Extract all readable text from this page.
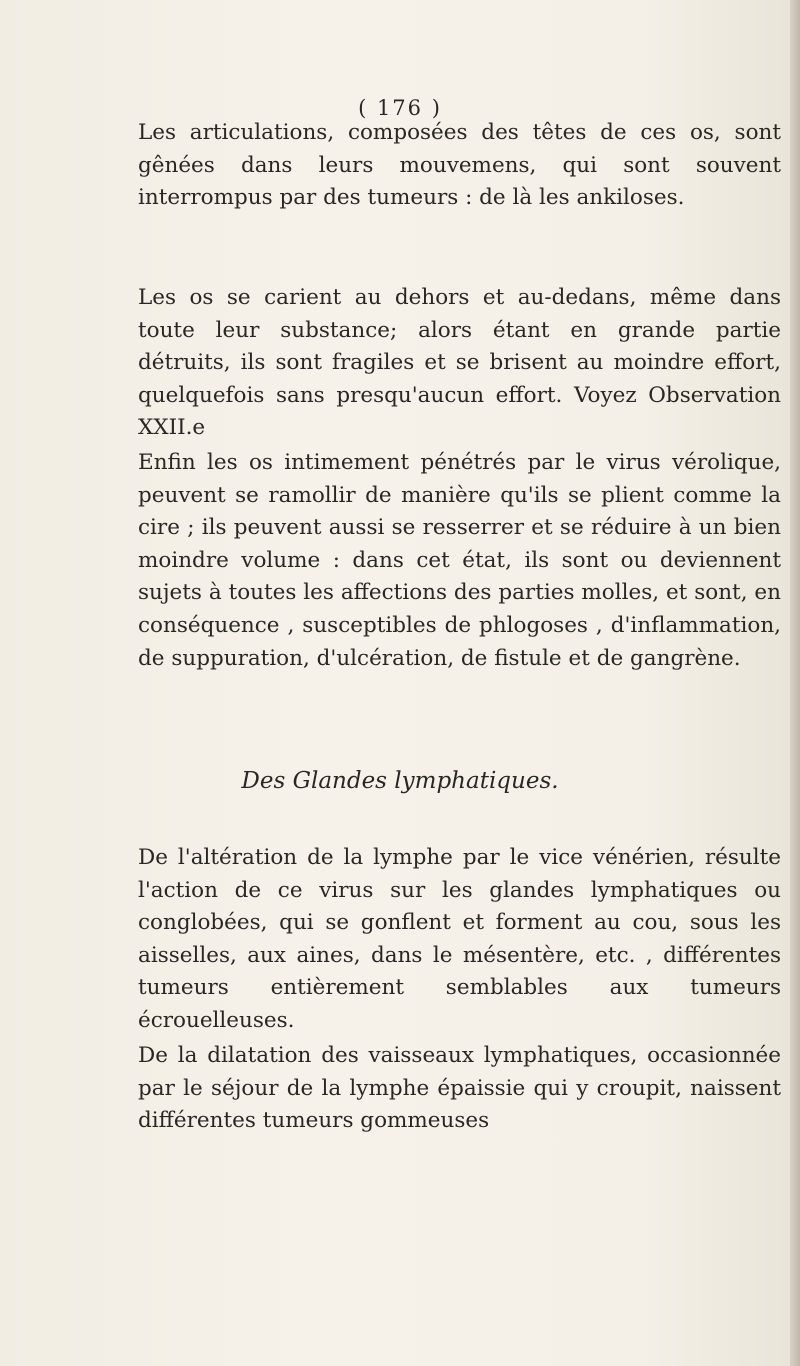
( 176 )

Les articulations, composées des têtes de ces os, sont gênées dans leurs mouvemens, qui sont souvent interrompus par des tumeurs : de là les ankiloses.

Les os se carient au dehors et au-dedans, même dans toute leur substance; alors étant en grande partie détruits, ils sont fragiles et se brisent au moindre effort, quelquefois sans presqu'aucun effort. Voyez Observation XXII.e

Enfin les os intimement pénétrés par le virus vérolique, peuvent se ramollir de manière qu'ils se plient comme la cire ; ils peuvent aussi se resserrer et se réduire à un bien moindre volume : dans cet état, ils sont ou deviennent sujets à toutes les affections des parties molles, et sont, en conséquence , susceptibles de phlogoses , d'inflammation, de suppuration, d'ulcération, de fistule et de gangrène.

Des Glandes lymphatiques.

De l'altération de la lymphe par le vice vénérien, résulte l'action de ce virus sur les glandes lymphatiques ou conglobées, qui se gonflent et forment au cou, sous les aisselles, aux aines, dans le mésentère, etc. , différentes tumeurs entièrement semblables aux tumeurs écrouelleuses.

De la dilatation des vaisseaux lymphatiques, occasionnée par le séjour de la lymphe épaissie qui y croupit, naissent différentes tumeurs gommeuses
